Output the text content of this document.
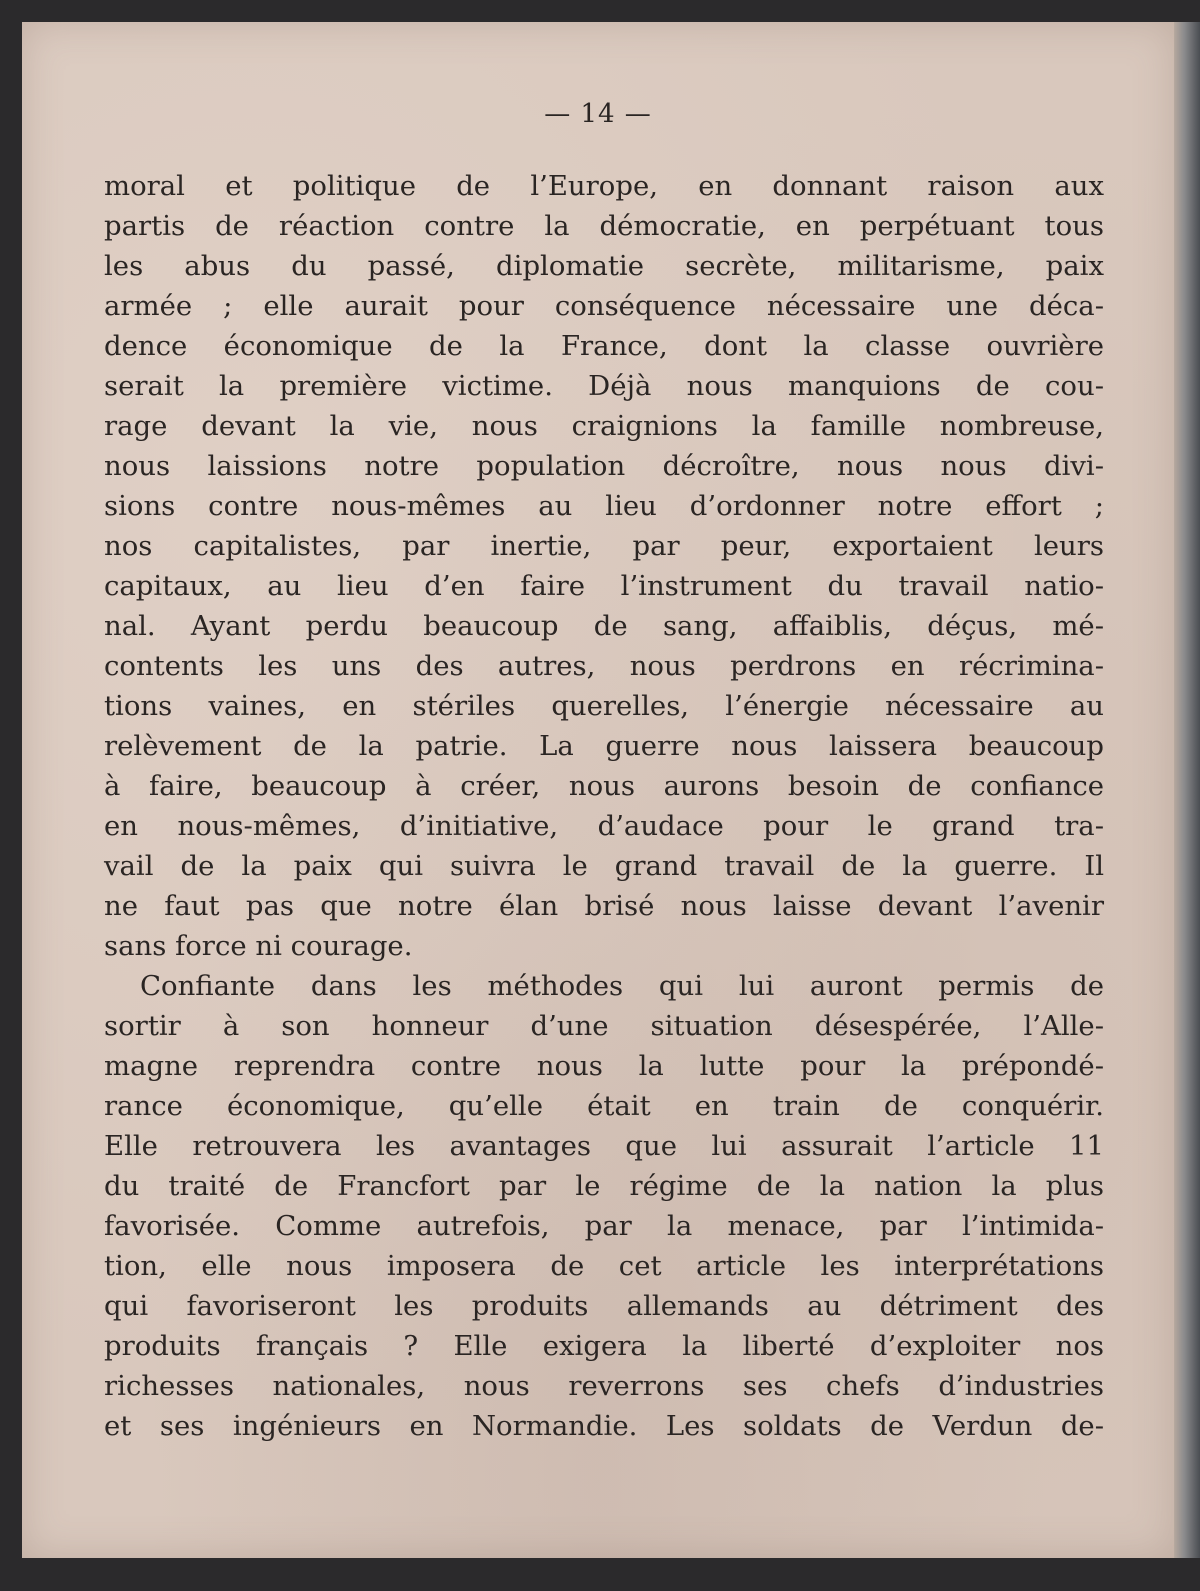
— 14 —
moral et politique de l’Europe, en donnant raison aux
partis de réaction contre la démocratie, en perpétuant tous
les abus du passé, diplomatie secrète, militarisme, paix
armée ; elle aurait pour conséquence nécessaire une déca-
dence économique de la France, dont la classe ouvrière
serait la première victime. Déjà nous manquions de cou-
rage devant la vie, nous craignions la famille nombreuse,
nous laissions notre population décroître, nous nous divi-
sions contre nous-mêmes au lieu d’ordonner notre effort ;
nos capitalistes, par inertie, par peur, exportaient leurs
capitaux, au lieu d’en faire l’instrument du travail natio-
nal. Ayant perdu beaucoup de sang, affaiblis, déçus, mé-
contents les uns des autres, nous perdrons en récrimina-
tions vaines, en stériles querelles, l’énergie nécessaire au
relèvement de la patrie. La guerre nous laissera beaucoup
à faire, beaucoup à créer, nous aurons besoin de confiance
en nous-mêmes, d’initiative, d’audace pour le grand tra-
vail de la paix qui suivra le grand travail de la guerre. Il
ne faut pas que notre élan brisé nous laisse devant l’avenir
sans force ni courage.
Confiante dans les méthodes qui lui auront permis de
sortir à son honneur d’une situation désespérée, l’Alle-
magne reprendra contre nous la lutte pour la prépondé-
rance économique, qu’elle était en train de conquérir.
Elle retrouvera les avantages que lui assurait l’article 11
du traité de Francfort par le régime de la nation la plus
favorisée. Comme autrefois, par la menace, par l’intimida-
tion, elle nous imposera de cet article les interprétations
qui favoriseront les produits allemands au détriment des
produits français ? Elle exigera la liberté d’exploiter nos
richesses nationales, nous reverrons ses chefs d’industries
et ses ingénieurs en Normandie. Les soldats de Verdun de-
